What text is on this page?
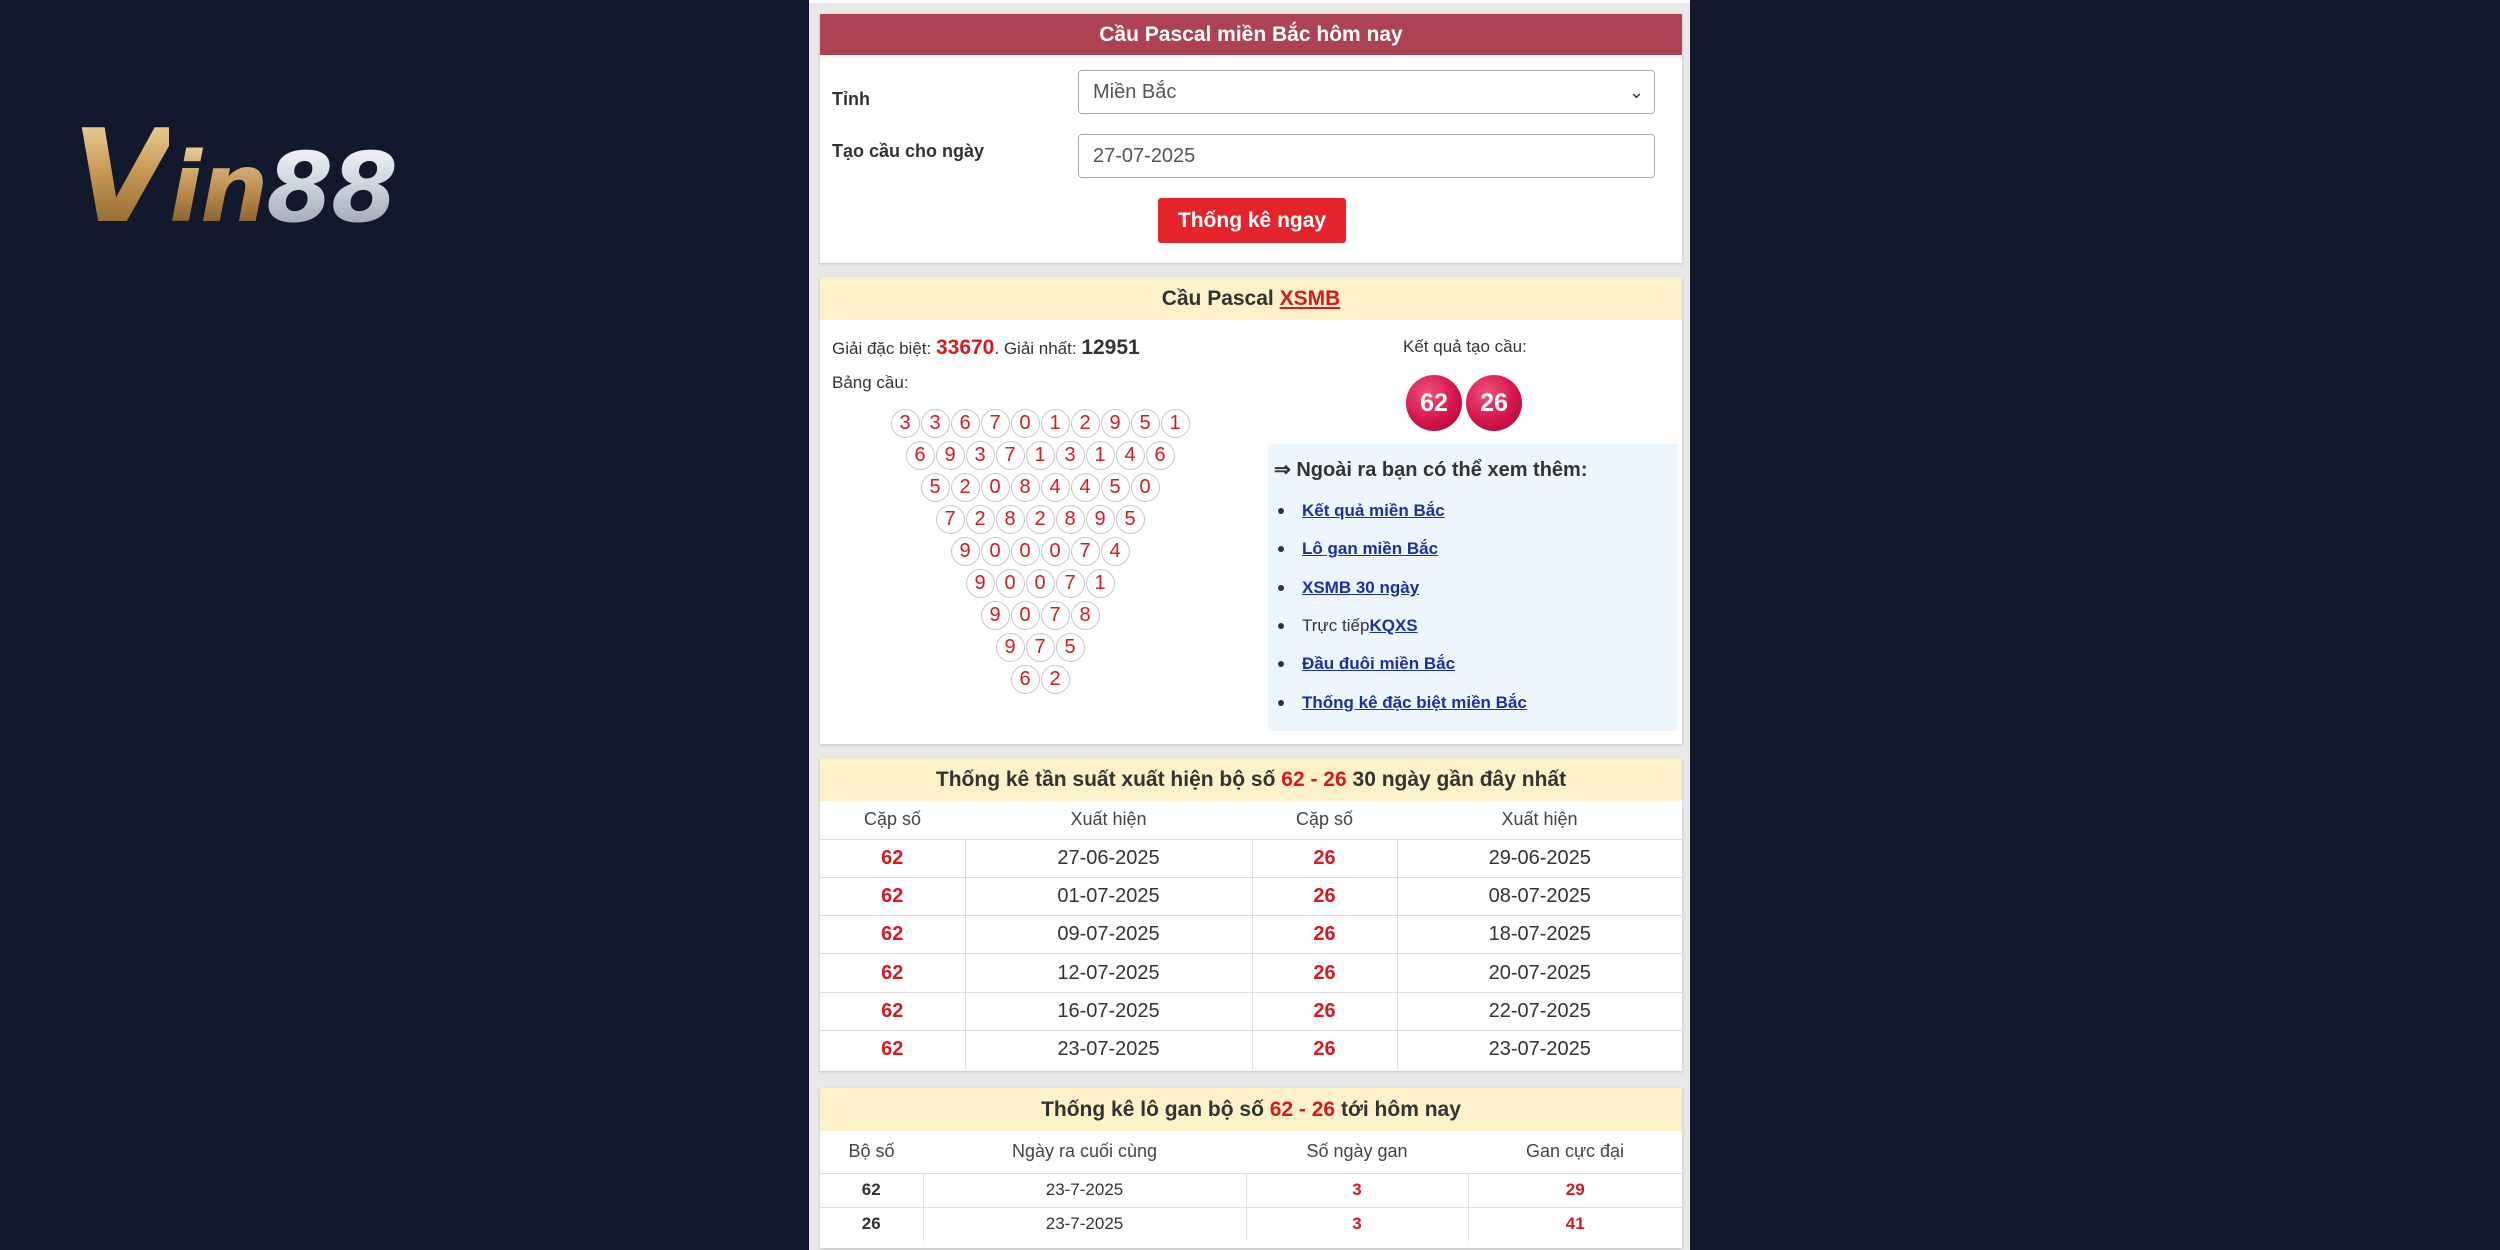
Vin88
Cầu Pascal miền Bắc hôm nay
Tỉnh	Miền Bắc	⌄
Tạo cầu cho ngày	27-07-2025
Thống kê ngay
Cầu Pascal XSMB
Giải đặc biệt: 33670. Giải nhất: 12951
Bảng cầu:
3 3 6 7 0 1 2 9 5 1
6 9 3 7 1 3 1 4 6
5 2 0 8 4 4 5 0
7 2 8 2 8 9 5
9 0 0 0 7 4
9 0 0 7 1
9 0 7 8
9 7 5
6 2
Kết quả tạo cầu:
62	26
⇒ Ngoài ra bạn có thể xem thêm:
Kết quả miền Bắc
Lô gan miền Bắc
XSMB 30 ngày
Trực tiếp KQXS
Đầu đuôi miền Bắc
Thống kê đặc biệt miền Bắc
Thống kê tần suất xuất hiện bộ số 62 - 26 30 ngày gần đây nhất
Cặp số	Xuất hiện	Cặp số	Xuất hiện
62	27-06-2025	26	29-06-2025
62	01-07-2025	26	08-07-2025
62	09-07-2025	26	18-07-2025
62	12-07-2025	26	20-07-2025
62	16-07-2025	26	22-07-2025
62	23-07-2025	26	23-07-2025
Thống kê lô gan bộ số 62 - 26 tới hôm nay
Bộ số	Ngày ra cuối cùng	Số ngày gan	Gan cực đại
62	23-7-2025	3	29
26	23-7-2025	3	41
